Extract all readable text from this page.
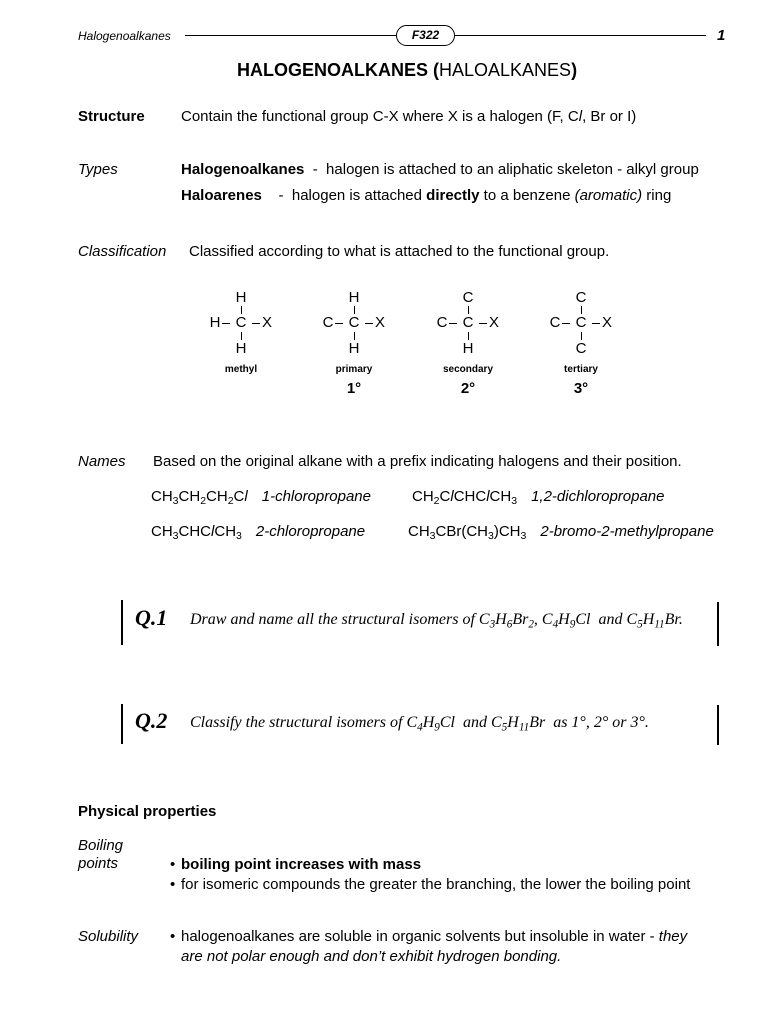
Halogenoalkanes	F322	1
HALOGENOALKANES (HALOALKANES)
Structure Contain the functional group C-X where X is a halogen (F, Cl, Br or I)
Types	Halogenoalkanes  -  halogen is attached to an aliphatic skeleton - alkyl group
Haloarenes    -  halogen is attached directly to a benzene (aromatic) ring
Classification Classified according to what is attached to the functional group.
H
H	C	X
H
methyl
H
C	C	X
H
primary
1°
C
C	C	X
H
secondary
2°
C
C	C	X
C
tertiary
3°
Names Based on the original alkane with a prefix indicating halogens and their position.
$CH_3CH_2CH_2Cl$ 1-chloropropane	$CH_2ClCHClCH_3$ 1,2-dichloropropane
$CH_3CHClCH_3$ 2-chloropropane	$CH_3CBr(CH_3)CH_3$ 2-bromo-2-methylpropane
Q.1 Draw and name all the structural isomers of $C_3H_6Br_2$, $C_4H_9Cl$  and $C_5H_{11}Br$.
Q.2 Classify the structural isomers of $C_4H_9Cl$  and $C_5H_{11}Br$  as 1°, 2° or 3°.
Physical properties
Boiling points	• boiling point increases with mass
• for isomeric compounds the greater the branching, the lower the boiling point
Solubility	• halogenoalkanes are soluble in organic solvents but insoluble in water - they
are not polar enough and don’t exhibit hydrogen bonding.
